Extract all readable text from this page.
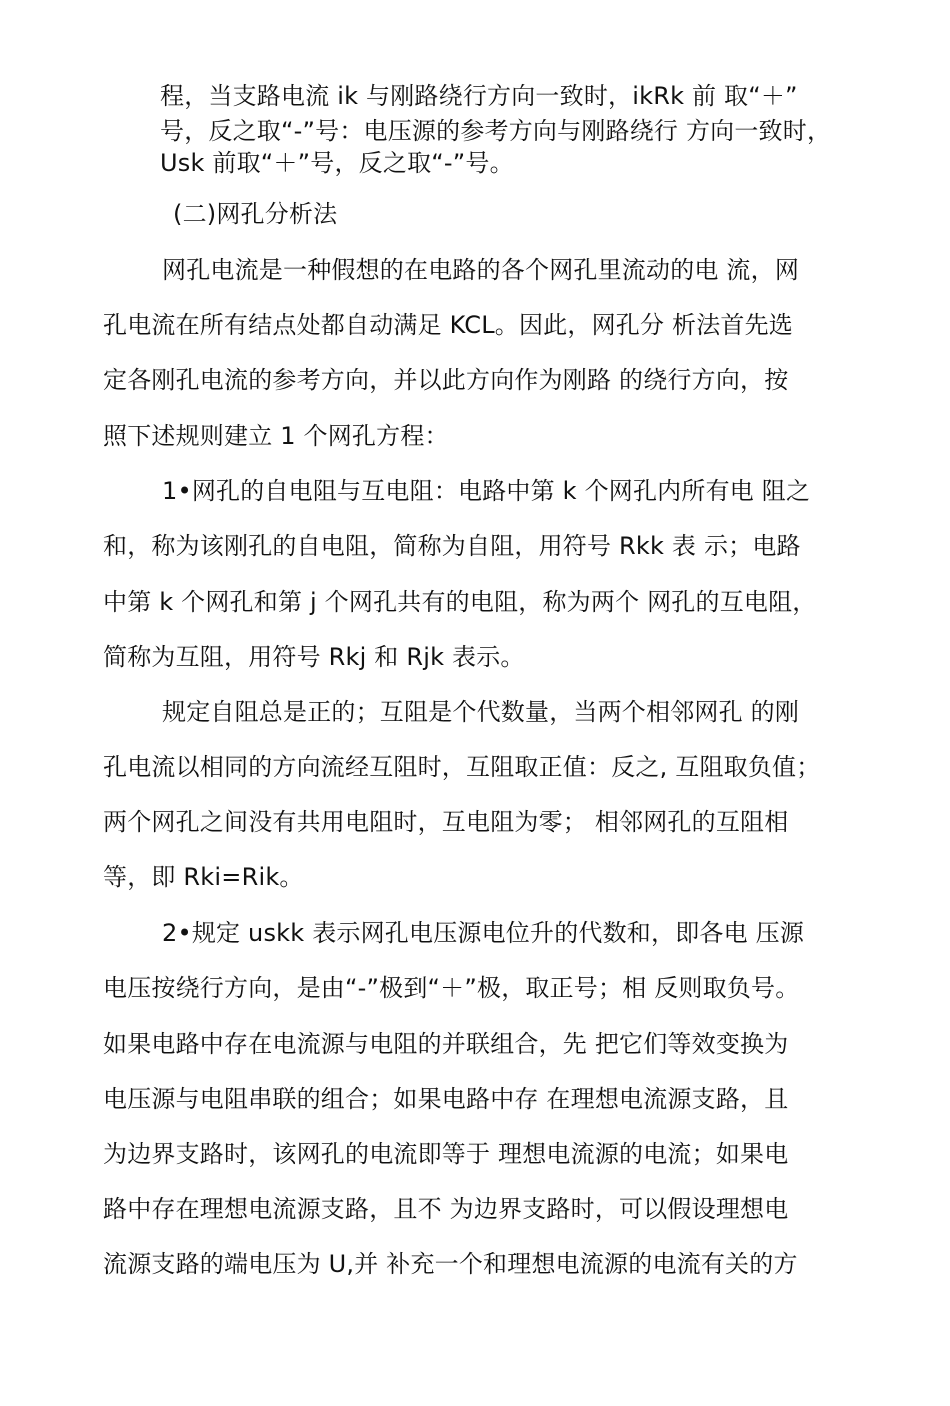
程，当支路电流 ik 与刚路绕行方向一致时，ikRk 前 取“＋”
号，反之取“-”号：电压源的参考方向与刚路绕行 方向一致时，
Usk 前取“＋”号，反之取“-”号。
(二)网孔分析法
网孔电流是一种假想的在电路的各个网孔里流动的电 流，网
孔电流在所有结点处都自动满足 KCL。因此，网孔分 析法首先选
定各刚孔电流的参考方向，并以此方向作为刚路 的绕行方向，按
照下述规则建立 1 个网孔方程：
1•网孔的自电阻与互电阻：电路中第 k 个网孔内所有电 阻之
和，称为该刚孔的自电阻，简称为自阻，用符号 Rkk 表 示；电路
中第 k 个网孔和第 j 个网孔共有的电阻，称为两个 网孔的互电阻，
简称为互阻，用符号 Rkj 和 Rjk 表示。
规定自阻总是正的；互阻是个代数量，当两个相邻网孔 的刚
孔电流以相同的方向流经互阻时，互阻取正值：反之, 互阻取负值；
两个网孔之间没有共用电阻时，互电阻为零； 相邻网孔的互阻相
等，即 Rki=Rik。
2•规定 uskk 表示网孔电压源电位升的代数和，即各电 压源
电压按绕行方向，是由“-”极到“＋”极，取正号；相 反则取负号。
如果电路中存在电流源与电阻的并联组合，先 把它们等效变换为
电压源与电阻串联的组合；如果电路中存 在理想电流源支路，且
为边界支路时，该网孔的电流即等于 理想电流源的电流；如果电
路中存在理想电流源支路，且不 为边界支路时，可以假设理想电
流源支路的端电压为 U,并 补充一个和理想电流源的电流有关的方
